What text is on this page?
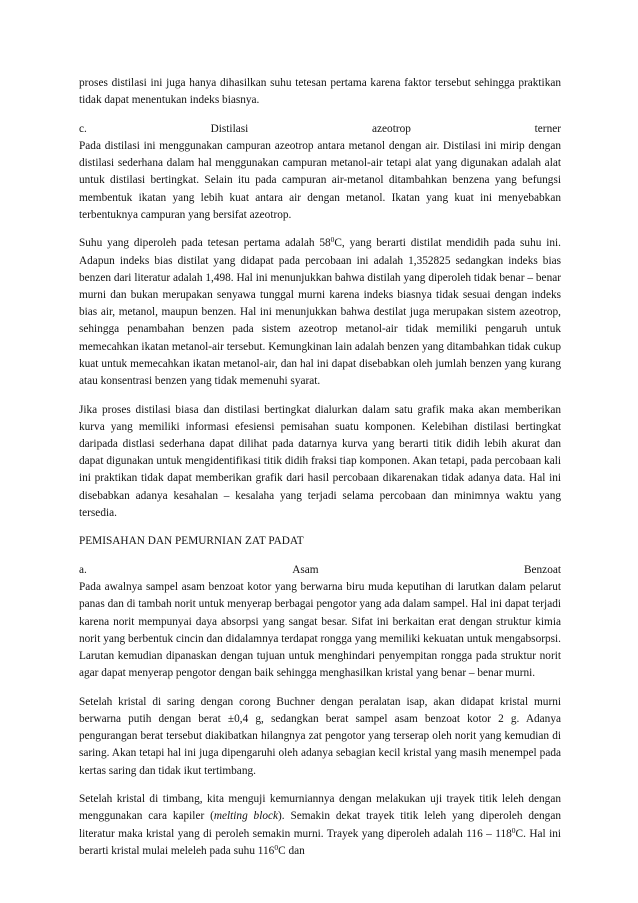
proses distilasi ini juga hanya dihasilkan suhu tetesan pertama karena faktor tersebut sehingga praktikan tidak dapat menentukan indeks biasnya.

c.	Distilasi	azeotrop	terner

Pada distilasi ini menggunakan campuran azeotrop antara metanol dengan air. Distilasi ini mirip dengan distilasi sederhana dalam hal menggunakan campuran metanol-air tetapi alat yang digunakan adalah alat untuk distilasi bertingkat. Selain itu pada campuran air-metanol ditambahkan benzena yang befungsi membentuk ikatan yang lebih kuat antara air dengan metanol. Ikatan yang kuat ini menyebabkan terbentuknya campuran yang bersifat azeotrop.

Suhu yang diperoleh pada tetesan pertama adalah $58^0C$, yang berarti distilat mendidih pada suhu ini. Adapun indeks bias distilat yang didapat pada percobaan ini adalah 1,352825 sedangkan indeks bias benzen dari literatur adalah 1,498. Hal ini menunjukkan bahwa distilah yang diperoleh tidak benar – benar murni dan bukan merupakan senyawa tunggal murni karena indeks biasnya tidak sesuai dengan indeks bias air, metanol, maupun benzen. Hal ini menunjukkan bahwa destilat juga merupakan sistem azeotrop, sehingga penambahan benzen pada sistem azeotrop metanol-air tidak memiliki pengaruh untuk memecahkan ikatan metanol-air tersebut. Kemungkinan lain adalah benzen yang ditambahkan tidak cukup kuat untuk memecahkan ikatan metanol-air, dan hal ini dapat disebabkan oleh jumlah benzen yang kurang atau konsentrasi benzen yang tidak memenuhi syarat.

Jika proses distilasi biasa dan distilasi bertingkat dialurkan dalam satu grafik maka akan memberikan kurva yang memiliki informasi efesiensi pemisahan suatu komponen. Kelebihan distilasi bertingkat daripada distlasi sederhana dapat dilihat pada datarnya kurva yang berarti titik didih lebih akurat dan dapat digunakan untuk mengidentifikasi titik didih fraksi tiap komponen. Akan tetapi, pada percobaan kali ini praktikan tidak dapat memberikan grafik dari hasil percobaan dikarenakan tidak adanya data. Hal ini disebabkan adanya kesahalan – kesalaha yang terjadi selama percobaan dan minimnya waktu yang tersedia.

PEMISAHAN DAN PEMURNIAN ZAT PADAT

a.	Asam	Benzoat

Pada awalnya sampel asam benzoat kotor yang berwarna biru muda keputihan di larutkan dalam pelarut panas dan di tambah norit untuk menyerap berbagai pengotor yang ada dalam sampel. Hal ini dapat terjadi karena norit mempunyai daya absorpsi yang sangat besar. Sifat ini berkaitan erat dengan struktur kimia norit yang berbentuk cincin dan didalamnya terdapat rongga yang memiliki kekuatan untuk mengabsorpsi. Larutan kemudian dipanaskan dengan tujuan untuk menghindari penyempitan rongga pada struktur norit agar dapat menyerap pengotor dengan baik sehingga menghasilkan kristal yang benar – benar murni.

Setelah kristal di saring dengan corong Buchner dengan peralatan isap, akan didapat kristal murni berwarna putih dengan berat ±0,4 g, sedangkan berat sampel asam benzoat kotor 2 g. Adanya pengurangan berat tersebut diakibatkan hilangnya zat pengotor yang terserap oleh norit yang kemudian di saring. Akan tetapi hal ini juga dipengaruhi oleh adanya sebagian kecil kristal yang masih menempel pada kertas saring dan tidak ikut tertimbang.

Setelah kristal di timbang, kita menguji kemurniannya dengan melakukan uji trayek titik leleh dengan menggunakan cara kapiler (melting block). Semakin dekat trayek titik leleh yang diperoleh dengan literatur maka kristal yang di peroleh semakin murni. Trayek yang diperoleh adalah $116 - 118^0C$. Hal ini berarti kristal mulai meleleh pada suhu $116^0C$ dan
